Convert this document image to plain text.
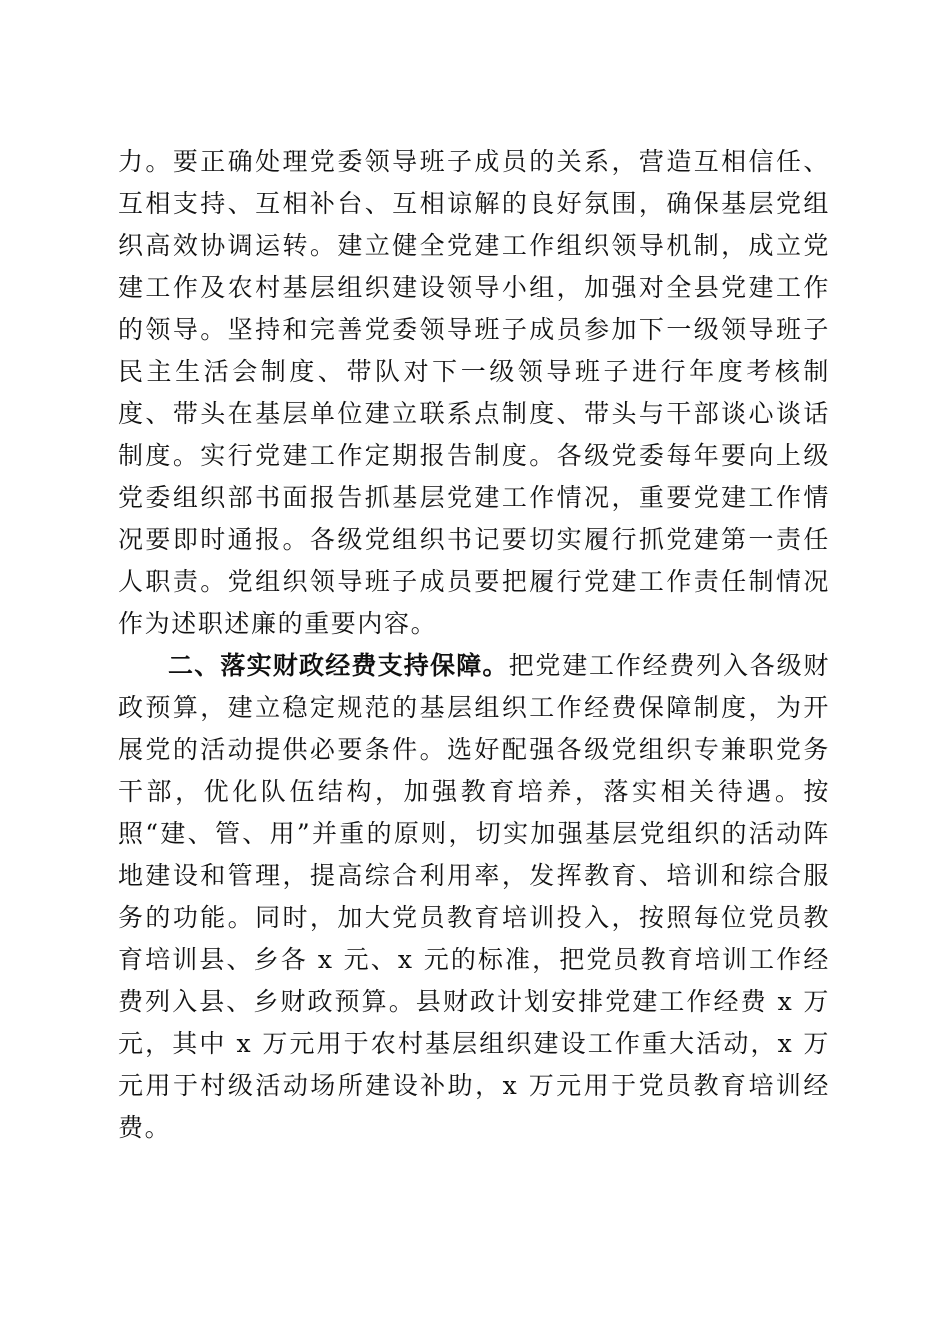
力。要正确处理党委领导班子成员的关系，营造互相信任、互相支持、互相补台、互相谅解的良好氛围，确保基层党组织高效协调运转。建立健全党建工作组织领导机制，成立党建工作及农村基层组织建设领导小组，加强对全县党建工作的领导。坚持和完善党委领导班子成员参加下一级领导班子民主生活会制度、带队对下一级领导班子进行年度考核制度、带头在基层单位建立联系点制度、带头与干部谈心谈话制度。实行党建工作定期报告制度。各级党委每年要向上级党委组织部书面报告抓基层党建工作情况，重要党建工作情况要即时通报。各级党组织书记要切实履行抓党建第一责任人职责。党组织领导班子成员要把履行党建工作责任制情况作为述职述廉的重要内容。

二、落实财政经费支持保障。把党建工作经费列入各级财政预算，建立稳定规范的基层组织工作经费保障制度，为开展党的活动提供必要条件。选好配强各级党组织专兼职党务干部，优化队伍结构，加强教育培养，落实相关待遇。按照“建、管、用”并重的原则，切实加强基层党组织的活动阵地建设和管理，提高综合利用率，发挥教育、培训和综合服务的功能。同时，加大党员教育培训投入，按照每位党员教育培训县、乡各 x 元、x 元的标准，把党员教育培训工作经费列入县、乡财政预算。县财政计划安排党建工作经费 x 万元，其中 x 万元用于农村基层组织建设工作重大活动，x 万元用于村级活动场所建设补助，x 万元用于党员教育培训经费。
